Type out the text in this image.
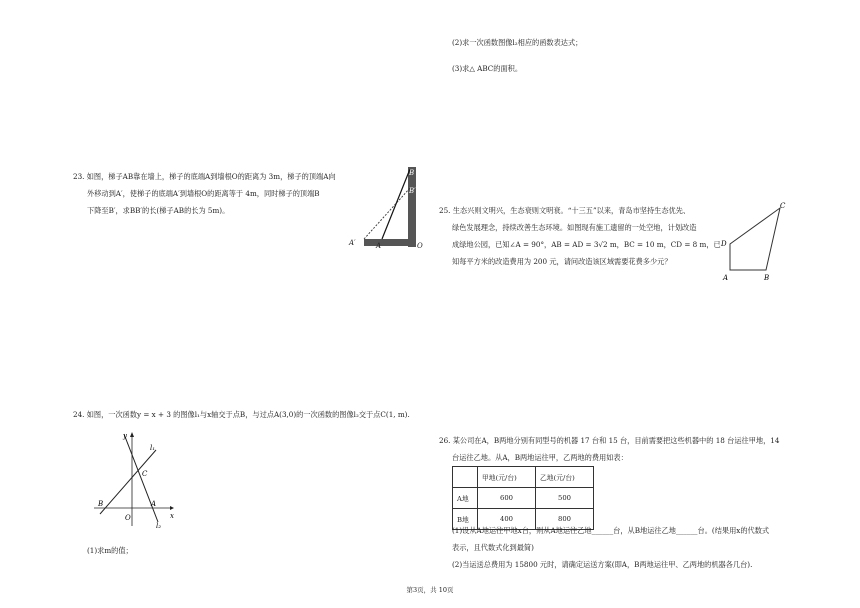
(2)求一次函数图像l₂相应的函数表达式；
(3)求△ ABC的面积。
23. 如图，梯子AB靠在墙上，梯子的底端A到墙根O的距离为 3m，梯子的顶端A向
外移动到A′，使梯子的底端A′到墙根O的距离等于 4m，同时梯子的顶端B
下降至B′，求BB′的长(梯子AB的长为 5m)。
B
B′
A′	A	O
25. 生态兴则文明兴，生态衰则文明衰。“十三五”以来，青岛市坚持生态优先、
绿色发展理念，持续改善生态环境。如图现有施工遗留的一处空地，计划改造
成绿地公园，已知∠A = 90°，AB = AD = 3√2 m，BC = 10 m，CD = 8 m，已
知每平方米的改造费用为 200 元，请问改造该区域需要花费多少元？
A	B
C
D
24. 如图，一次函数y = x + 3 的图像l₁与x轴交于点B，与过点A(3,0)的一次函数的图像l₂交于点C(1, m).
y
l₁
C
B
O
A
x
l₂
(1)求m的值；
26. 某公司在A，B两地分别有同型号的机器 17 台和 15 台，目前需要把这些机器中的 18 台运往甲地，14
台运往乙地。从A，B两地运往甲，乙两地的费用如表：
	甲地(元/台)	乙地(元/台)
A地	600	500
B地	400	800
(1)设从A地运往甲地x台，则从A地运往乙地______台，从B地运往乙地______台。(结果用x的代数式
表示，且代数式化到最简)
(2)当运送总费用为 15800 元时，请确定运送方案(即A，B两地运往甲、乙两地的机器各几台).
第3页，共 10页
